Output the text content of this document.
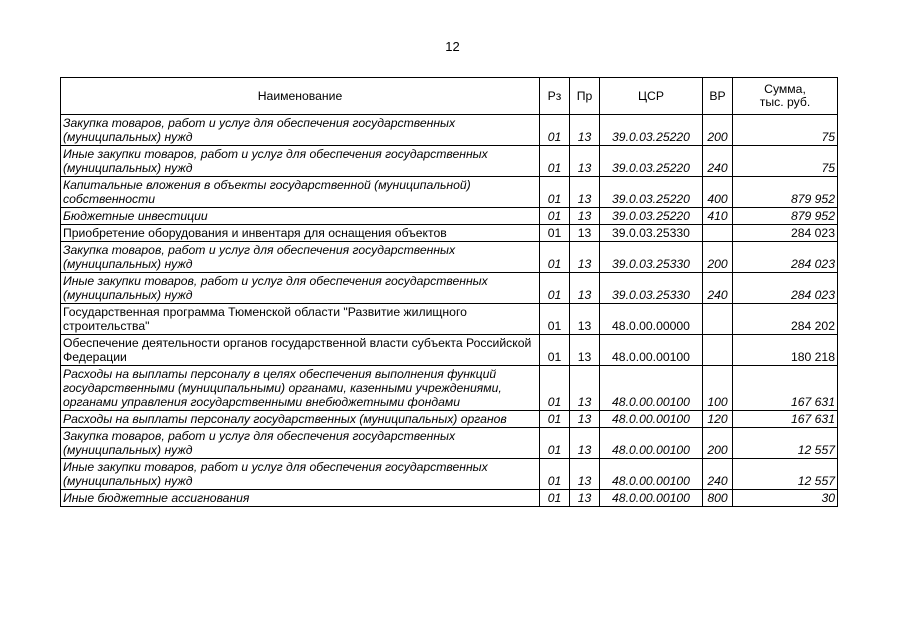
12
Наименование	Рз	Пр	ЦСР	ВР	Сумма,
тыс. руб.
Закупка товаров, работ и услуг для обеспечения государственных (муниципальных) нужд	01	13	39.0.03.25220	200	75
Иные закупки товаров, работ и услуг для обеспечения государственных (муниципальных) нужд	01	13	39.0.03.25220	240	75
Капитальные вложения в объекты государственной (муниципальной) собственности	01	13	39.0.03.25220	400	879 952
Бюджетные инвестиции	01	13	39.0.03.25220	410	879 952
Приобретение оборудования и инвентаря для оснащения объектов	01	13	39.0.03.25330		284 023
Закупка товаров, работ и услуг для обеспечения государственных (муниципальных) нужд	01	13	39.0.03.25330	200	284 023
Иные закупки товаров, работ и услуг для обеспечения государственных (муниципальных) нужд	01	13	39.0.03.25330	240	284 023
Государственная программа Тюменской области "Развитие жилищного строительства"	01	13	48.0.00.00000		284 202
Обеспечение деятельности органов государственной власти субъекта Российской Федерации	01	13	48.0.00.00100		180 218
Расходы на выплаты персоналу в целях обеспечения выполнения функций государственными (муниципальными) органами, казенными учреждениями, органами управления государственными внебюджетными фондами	01	13	48.0.00.00100	100	167 631
Расходы на выплаты персоналу государственных (муниципальных) органов	01	13	48.0.00.00100	120	167 631
Закупка товаров, работ и услуг для обеспечения государственных (муниципальных) нужд	01	13	48.0.00.00100	200	12 557
Иные закупки товаров, работ и услуг для обеспечения государственных (муниципальных) нужд	01	13	48.0.00.00100	240	12 557
Иные бюджетные ассигнования	01	13	48.0.00.00100	800	30
